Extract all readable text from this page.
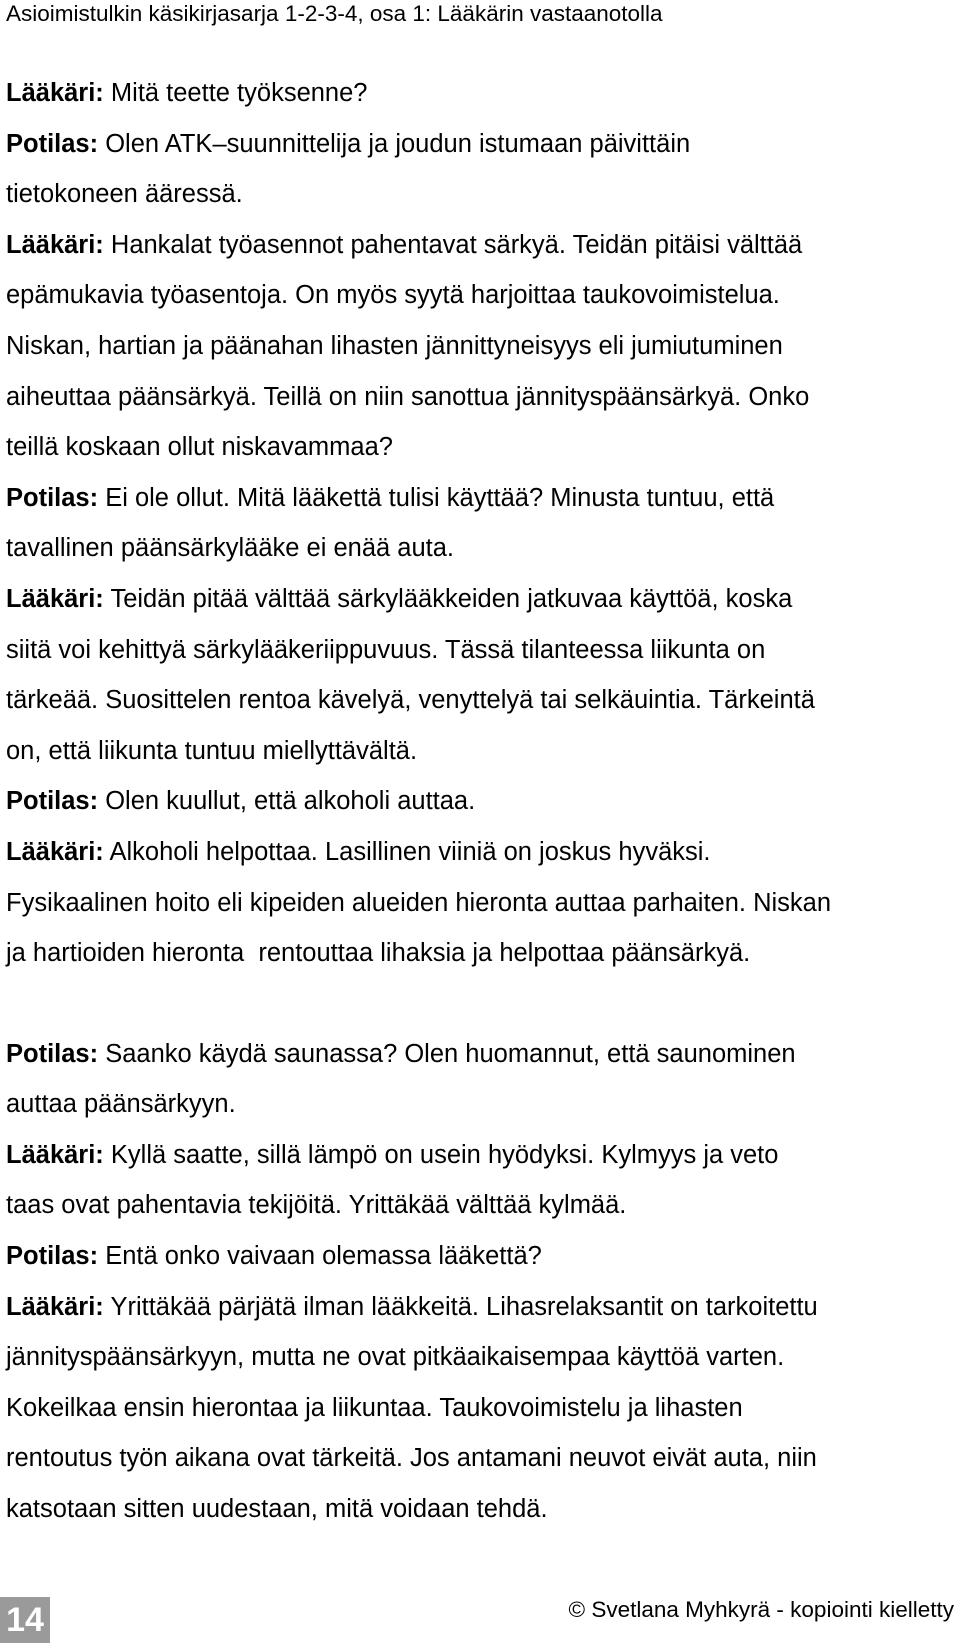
Asioimistulkin käsikirjasarja 1-2-3-4, osa 1: Lääkärin vastaanotolla
Lääkäri: Mitä teette työksenne?
Potilas: Olen ATK–suunnittelija ja joudun istumaan päivittäin
tietokoneen ääressä.
Lääkäri: Hankalat työasennot pahentavat särkyä. Teidän pitäisi välttää
epämukavia työasentoja. On myös syytä harjoittaa taukovoimistelua.
Niskan, hartian ja päänahan lihasten jännittyneisyys eli jumiutuminen
aiheuttaa päänsärkyä. Teillä on niin sanottua jännityspäänsärkyä. Onko
teillä koskaan ollut niskavammaa?
Potilas: Ei ole ollut. Mitä lääkettä tulisi käyttää? Minusta tuntuu, että
tavallinen päänsärkylääke ei enää auta.
Lääkäri: Teidän pitää välttää särkylääkkeiden jatkuvaa käyttöä, koska
siitä voi kehittyä särkylääkeriippuvuus. Tässä tilanteessa liikunta on
tärkeää. Suosittelen rentoa kävelyä, venyttelyä tai selkäuintia. Tärkeintä
on, että liikunta tuntuu miellyttävältä.
Potilas: Olen kuullut, että alkoholi auttaa.
Lääkäri: Alkoholi helpottaa. Lasillinen viiniä on joskus hyväksi.
Fysikaalinen hoito eli kipeiden alueiden hieronta auttaa parhaiten. Niskan
ja hartioiden hieronta  rentouttaa lihaksia ja helpottaa päänsärkyä.
Potilas: Saanko käydä saunassa? Olen huomannut, että saunominen
auttaa päänsärkyyn.
Lääkäri: Kyllä saatte, sillä lämpö on usein hyödyksi. Kylmyys ja veto
taas ovat pahentavia tekijöitä. Yrittäkää välttää kylmää.
Potilas: Entä onko vaivaan olemassa lääkettä?
Lääkäri: Yrittäkää pärjätä ilman lääkkeitä. Lihasrelaksantit on tarkoitettu
jännityspäänsärkyyn, mutta ne ovat pitkäaikaisempaa käyttöä varten.
Kokeilkaa ensin hierontaa ja liikuntaa. Taukovoimistelu ja lihasten
rentoutus työn aikana ovat tärkeitä. Jos antamani neuvot eivät auta, niin
katsotaan sitten uudestaan, mitä voidaan tehdä.
14	© Svetlana Myhkyrä - kopiointi kielletty
